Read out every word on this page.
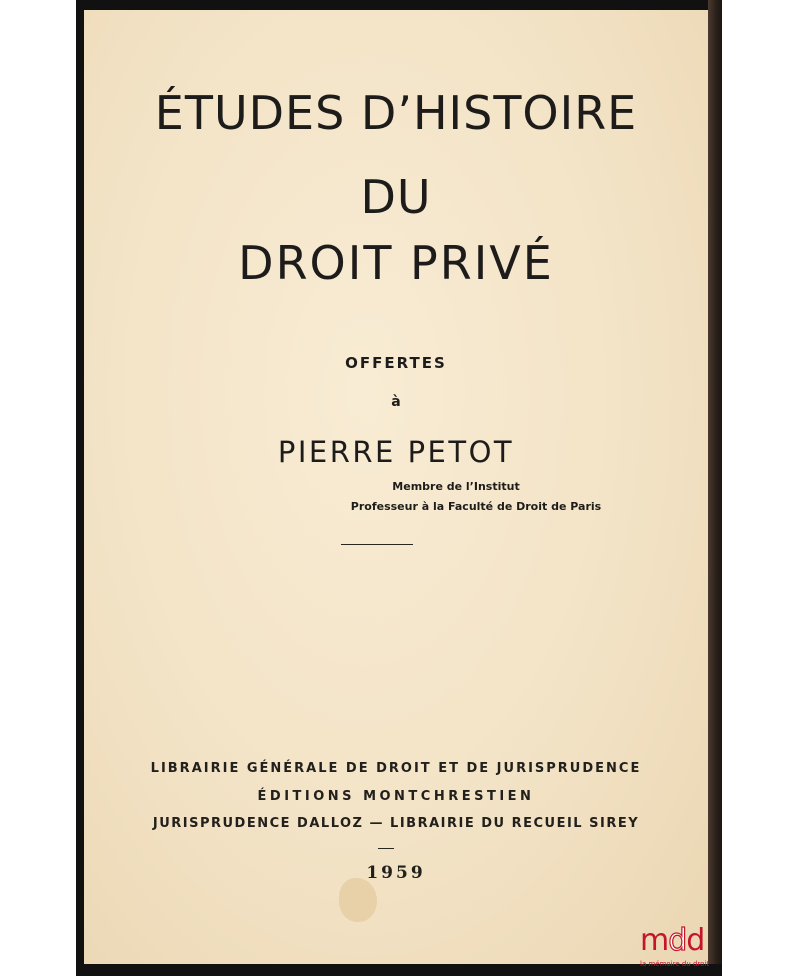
ÉTUDES D’HISTOIRE
DU
DROIT PRIVÉ
OFFERTES
à
PIERRE PETOT
Membre de l’Institut
Professeur à la Faculté de Droit de Paris
LIBRAIRIE GÉNÉRALE DE DROIT ET DE JURISPRUDENCE
ÉDITIONS MONTCHRESTIEN
JURISPRUDENCE DALLOZ — LIBRAIRIE DU RECUEIL SIREY
1959
mdd
la mémoire du droit
